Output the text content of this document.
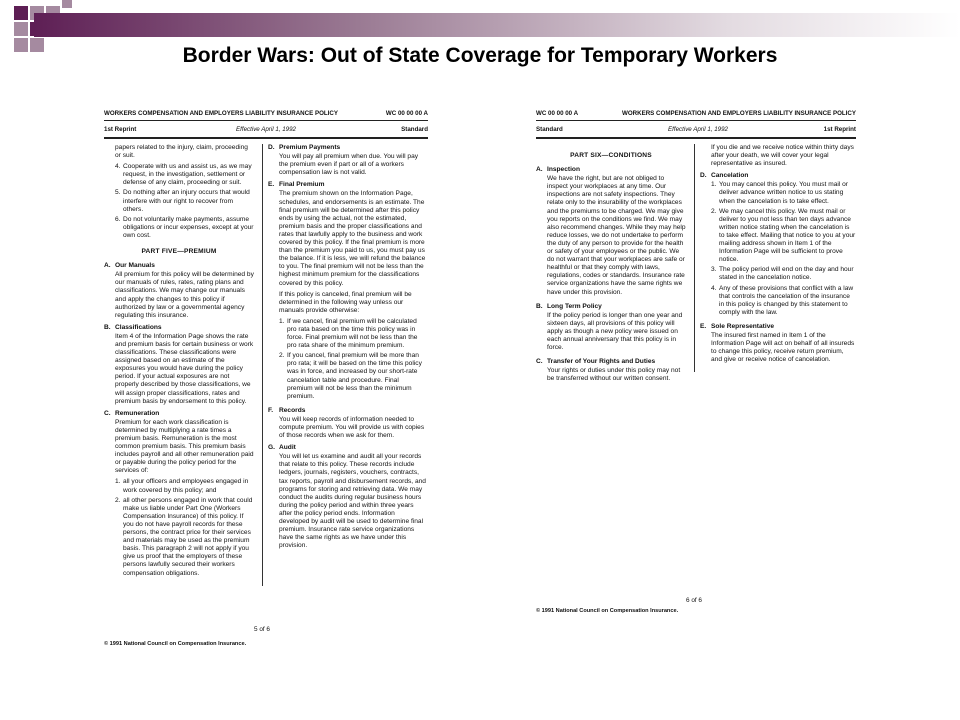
Border Wars: Out of State Coverage for Temporary Workers
WORKERS COMPENSATION AND EMPLOYERS LIABILITY INSURANCE POLICY	WC 00 00 00 A
1st Reprint	Effective April 1, 1992	Standard
papers related to the injury, claim, proceeding or suit.
4. Cooperate with us and assist us, as we may request, in the investigation, settlement or defense of any claim, proceeding or suit.
5. Do nothing after an injury occurs that would interfere with our right to recover from others.
6. Do not voluntarily make payments, assume obligations or incur expenses, except at your own cost.
PART FIVE—PREMIUM
A. Our Manuals
All premium for this policy will be determined by our manuals of rules, rates, rating plans and classifications. We may change our manuals and apply the changes to this policy if authorized by law or a governmental agency regulating this insurance.
B. Classifications
Item 4 of the Information Page shows the rate and premium basis for certain business or work classifications. These classifications were assigned based on an estimate of the exposures you would have during the policy period. If your actual exposures are not properly described by those classifications, we will assign proper classifications, rates and premium basis by endorsement to this policy.
C. Remuneration
Premium for each work classification is determined by multiplying a rate times a premium basis. Remuneration is the most common premium basis. This premium basis includes payroll and all other remuneration paid or payable during the policy period for the services of:
1. all your officers and employees engaged in work covered by this policy; and
2. all other persons engaged in work that could make us liable under Part One (Workers Compensation Insurance) of this policy. If you do not have payroll records for these persons, the contract price for their services and materials may be used as the premium basis. This paragraph 2 will not apply if you give us proof that the employers of these persons lawfully secured their workers compensation obligations.
D. Premium Payments
You will pay all premium when due. You will pay the premium even if part or all of a workers compensation law is not valid.
E. Final Premium
The premium shown on the Information Page, schedules, and endorsements is an estimate. The final premium will be determined after this policy ends by using the actual, not the estimated, premium basis and the proper classifications and rates that lawfully apply to the business and work covered by this policy. If the final premium is more than the premium you paid to us, you must pay us the balance. If it is less, we will refund the balance to you. The final premium will not be less than the highest minimum premium for the classifications covered by this policy.
If this policy is canceled, final premium will be determined in the following way unless our manuals provide otherwise:
1. If we cancel, final premium will be calculated pro rata based on the time this policy was in force. Final premium will not be less than the pro rata share of the minimum premium.
2. If you cancel, final premium will be more than pro rata; it will be based on the time this policy was in force, and increased by our short-rate cancelation table and procedure. Final premium will not be less than the minimum premium.
F. Records
You will keep records of information needed to compute premium. You will provide us with copies of those records when we ask for them.
G. Audit
You will let us examine and audit all your records that relate to this policy. These records include ledgers, journals, registers, vouchers, contracts, tax reports, payroll and disbursement records, and programs for storing and retrieving data. We may conduct the audits during regular business hours during the policy period and within three years after the policy period ends. Information developed by audit will be used to determine final premium. Insurance rate service organizations have the same rights as we have under this provision.
5 of 6
© 1991 National Council on Compensation Insurance.
WC 00 00 00 A	WORKERS COMPENSATION AND EMPLOYERS LIABILITY INSURANCE POLICY
Standard	Effective April 1, 1992	1st Reprint
PART SIX—CONDITIONS
A. Inspection
We have the right, but are not obliged to inspect your workplaces at any time. Our inspections are not safety inspections. They relate only to the insurability of the workplaces and the premiums to be charged. We may give you reports on the conditions we find. We may also recommend changes. While they may help reduce losses, we do not undertake to perform the duty of any person to provide for the health or safety of your employees or the public. We do not warrant that your workplaces are safe or healthful or that they comply with laws, regulations, codes or standards. Insurance rate service organizations have the same rights we have under this provision.
B. Long Term Policy
If the policy period is longer than one year and sixteen days, all provisions of this policy will apply as though a new policy were issued on each annual anniversary that this policy is in force.
C. Transfer of Your Rights and Duties
Your rights or duties under this policy may not be transferred without our written consent.
If you die and we receive notice within thirty days after your death, we will cover your legal representative as insured.
D. Cancelation
1. You may cancel this policy. You must mail or deliver advance written notice to us stating when the cancelation is to take effect.
2. We may cancel this policy. We must mail or deliver to you not less than ten days advance written notice stating when the cancelation is to take effect. Mailing that notice to you at your mailing address shown in Item 1 of the Information Page will be sufficient to prove notice.
3. The policy period will end on the day and hour stated in the cancelation notice.
4. Any of these provisions that conflict with a law that controls the cancelation of the insurance in this policy is changed by this statement to comply with the law.
E. Sole Representative
The insured first named in Item 1 of the Information Page will act on behalf of all insureds to change this policy, receive return premium, and give or receive notice of cancelation.
6 of 6
© 1991 National Council on Compensation Insurance.
